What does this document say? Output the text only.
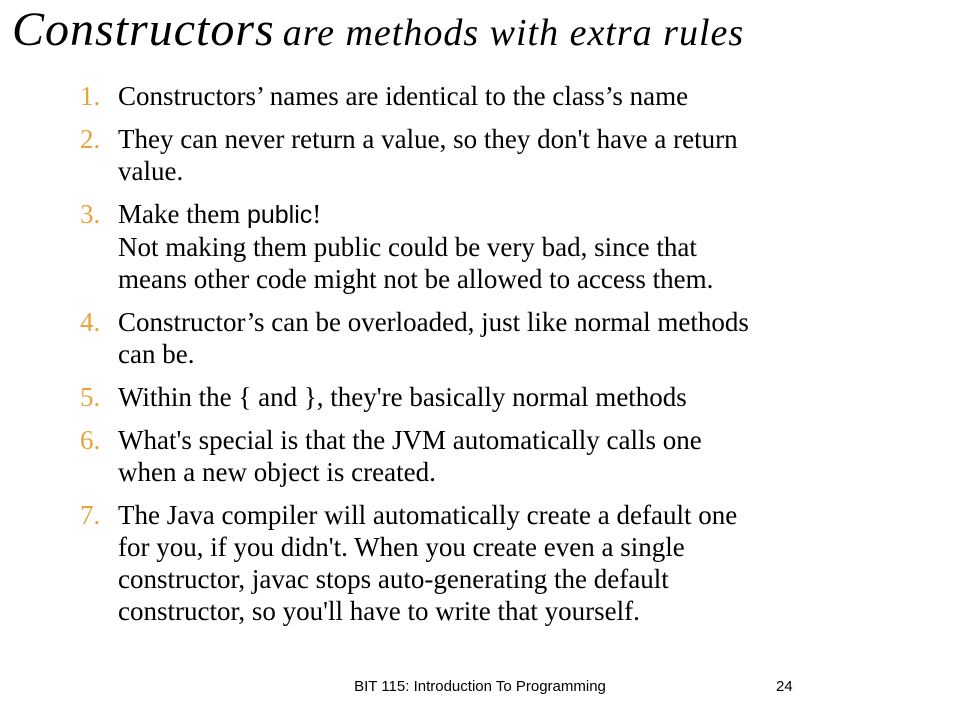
Constructors are methods with extra rules
1. Constructors’ names are identical to the class’s name
2. They can never return a value, so they don't have a return
value.
3. Make them public!
Not making them public could be very bad, since that
means other code might not be allowed to access them.
4. Constructor’s can be overloaded, just like normal methods
can be.
5. Within the { and }, they're basically normal methods
6. What's special is that the JVM automatically calls one
when a new object is created.
7. The Java compiler will automatically create a default one
for you, if you didn't. When you create even a single
constructor, javac stops auto-generating the default
constructor, so you'll have to write that yourself.
BIT 115: Introduction To Programming	24
